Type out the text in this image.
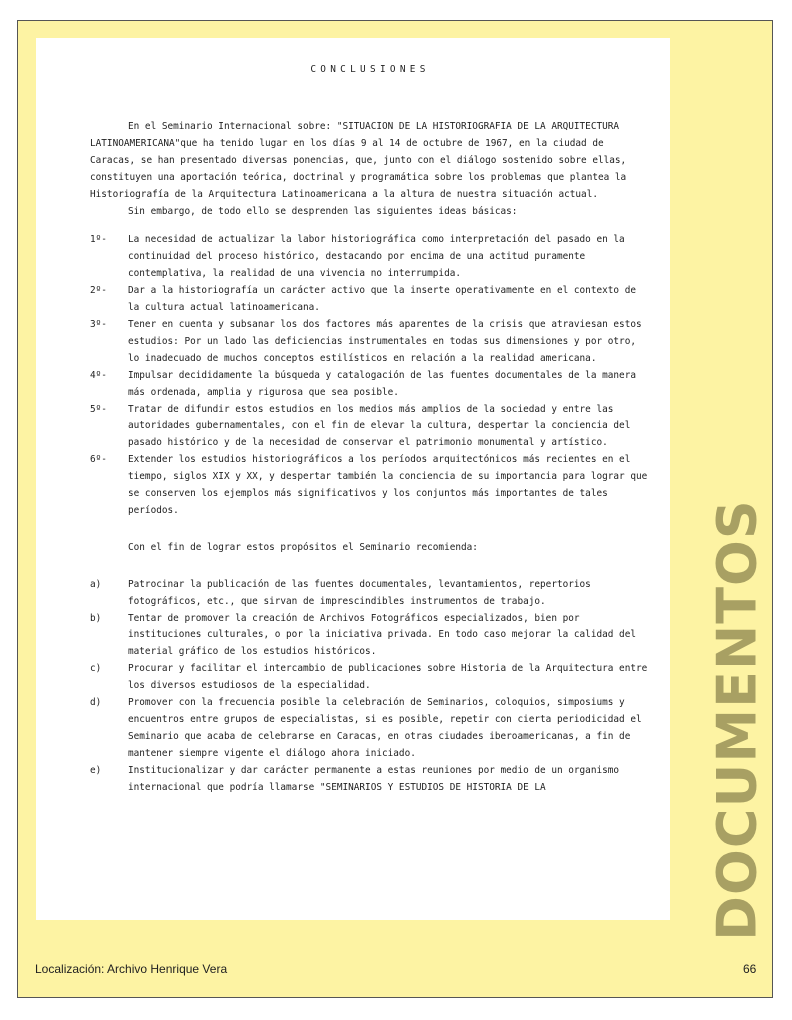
CONCLUSIONES

En el Seminario Internacional sobre: "SITUACION DE LA HISTORIOGRAFIA DE LA ARQUITECTURA LATINOAMERICANA"que ha tenido lugar en los días 9 al 14 de octubre de 1967, en la ciudad de Caracas, se han presentado diversas ponencias, que, junto con el diálogo sostenido sobre ellas, constituyen una aportación teórica, doctrinal y programática sobre los problemas que plantea la Historiografía de la Arquitectura Latinoamericana a la altura de nuestra situación actual.

Sin embargo, de todo ello se desprenden las siguientes ideas básicas:

1º-	La necesidad de actualizar la labor historiográfica como interpretación del pasado en la continuidad del proceso histórico, destacando por encima de una actitud puramente contemplativa, la realidad de una vivencia no interrumpida.
2º-	Dar a la historiografía un carácter activo que la inserte operativamente en el contexto de la cultura actual latinoamericana.
3º-	Tener en cuenta y subsanar los dos factores más aparentes de la crisis que atraviesan estos estudios: Por un lado las deficiencias instrumentales en todas sus dimensiones y por otro, lo inadecuado de muchos conceptos estilísticos en relación a la realidad americana.
4º-	Impulsar decididamente la búsqueda y catalogación de las fuentes documentales de la manera más ordenada, amplia y rigurosa que sea posible.
5º-	Tratar de difundir estos estudios en los medios más amplios de la sociedad y entre las autoridades gubernamentales, con el fin de elevar la cultura, despertar la conciencia del pasado histórico y de la necesidad de conservar el patrimonio monumental y artístico.
6º-	Extender los estudios historiográficos a los períodos arquitectónicos más recientes en el tiempo, siglos XIX y XX, y despertar también la conciencia de su importancia para lograr que se conserven los ejemplos más significativos y los conjuntos más importantes de tales períodos.

Con el fin de lograr estos propósitos el Seminario recomienda:

a)	Patrocinar la publicación de las fuentes documentales, levantamientos, repertorios fotográficos, etc., que sirvan de imprescindibles instrumentos de trabajo.
b)	Tentar de promover la creación de Archivos Fotográficos especializados, bien por instituciones culturales, o por la iniciativa privada. En todo caso mejorar la calidad del material gráfico de los estudios históricos.
c)	Procurar y facilitar el intercambio de publicaciones sobre Historia de la Arquitectura entre los diversos estudiosos de la especialidad.
d)	Promover con la frecuencia posible la celebración de Seminarios, coloquios, simposiums y encuentros entre grupos de especialistas, si es posible, repetir con cierta periodicidad el Seminario que acaba de celebrarse en Caracas, en otras ciudades iberoamericanas, a fin de mantener siempre vigente el diálogo ahora iniciado.
e)	Institucionalizar y dar carácter permanente a estas reuniones por medio de un organismo internacional que podría llamarse "SEMINARIOS Y ESTUDIOS DE HISTORIA DE LA	DOCUMENTOS
Localización: Archivo Henrique Vera	66
